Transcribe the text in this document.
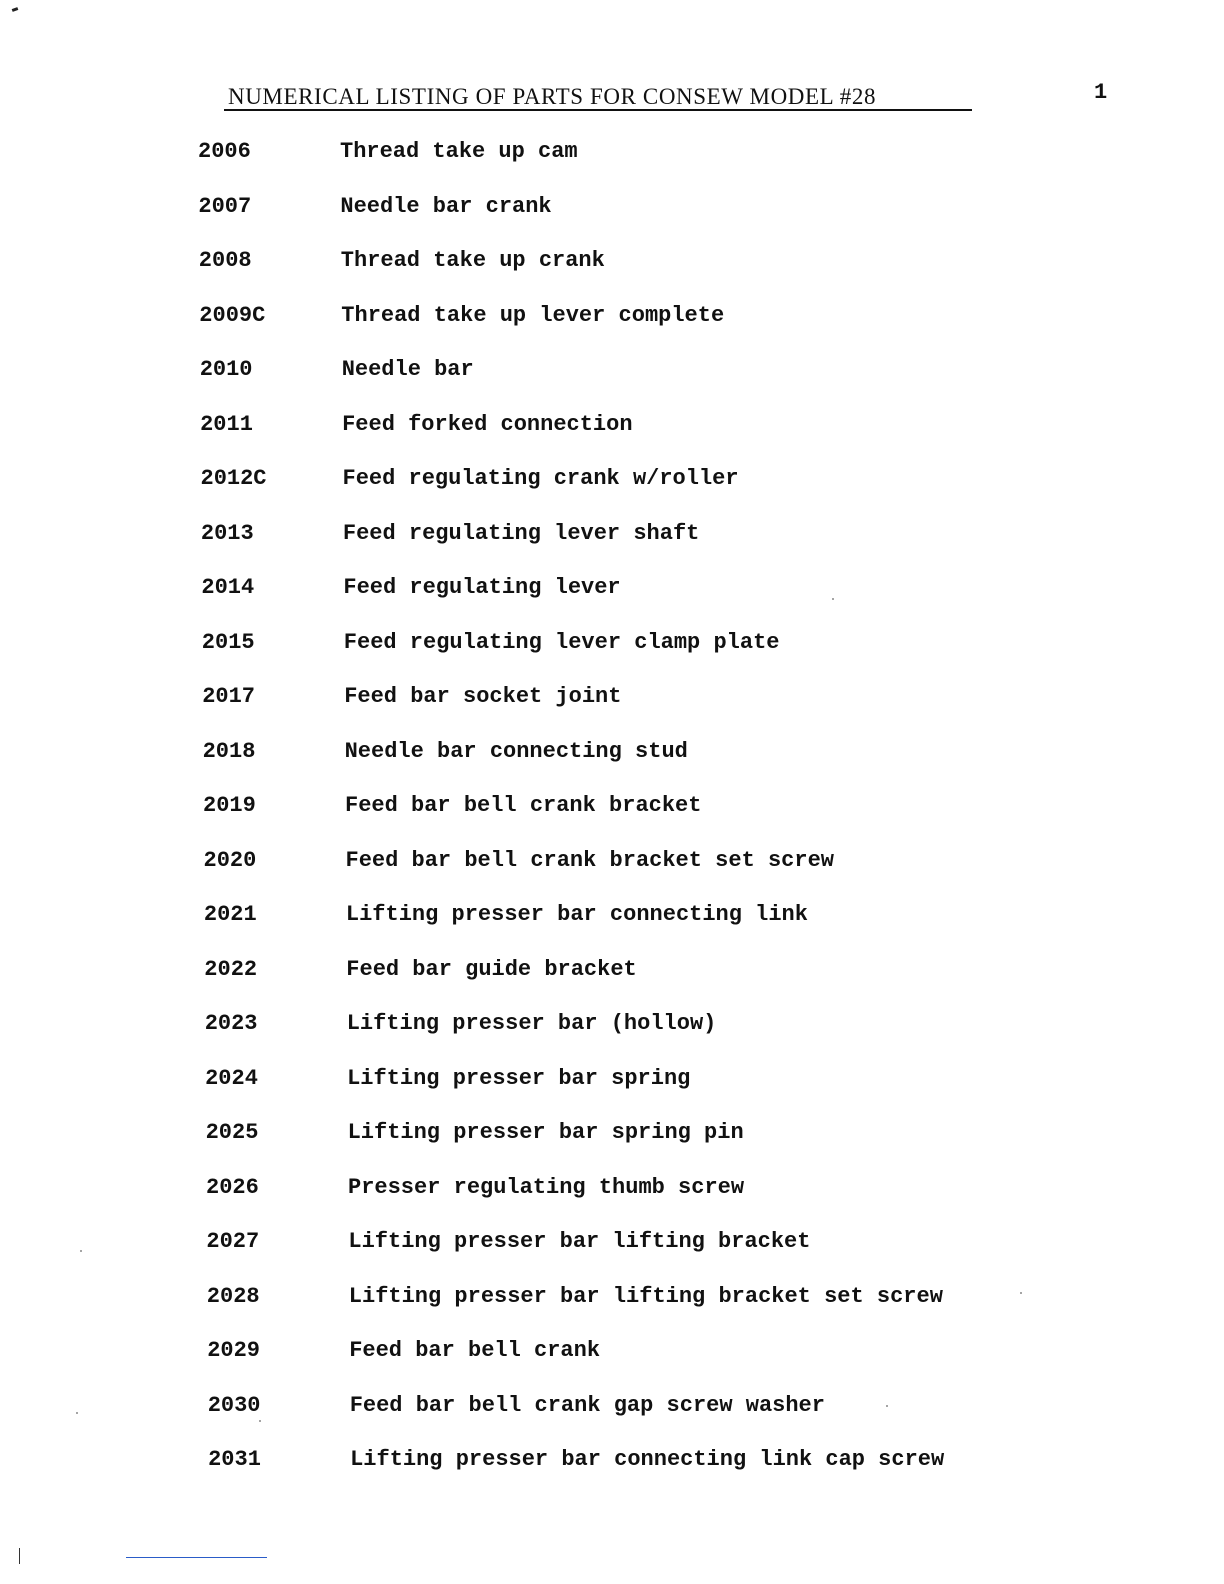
NUMERICAL LISTING OF PARTS FOR CONSEW MODEL #28	1
2006	Thread take up cam
2007	Needle bar crank
2008	Thread take up crank
2009C	Thread take up lever complete
2010	Needle bar
2011	Feed forked connection
2012C	Feed regulating crank w/roller
2013	Feed regulating lever shaft
2014	Feed regulating lever
2015	Feed regulating lever clamp plate
2017	Feed bar socket joint
2018	Needle bar connecting stud
2019	Feed bar bell crank bracket
2020	Feed bar bell crank bracket set screw
2021	Lifting presser bar connecting link
2022	Feed bar guide bracket
2023	Lifting presser bar (hollow)
2024	Lifting presser bar spring
2025	Lifting presser bar spring pin
2026	Presser regulating thumb screw
2027	Lifting presser bar lifting bracket
2028	Lifting presser bar lifting bracket set screw
2029	Feed bar bell crank
2030	Feed bar bell crank gap screw washer
2031	Lifting presser bar connecting link cap screw
